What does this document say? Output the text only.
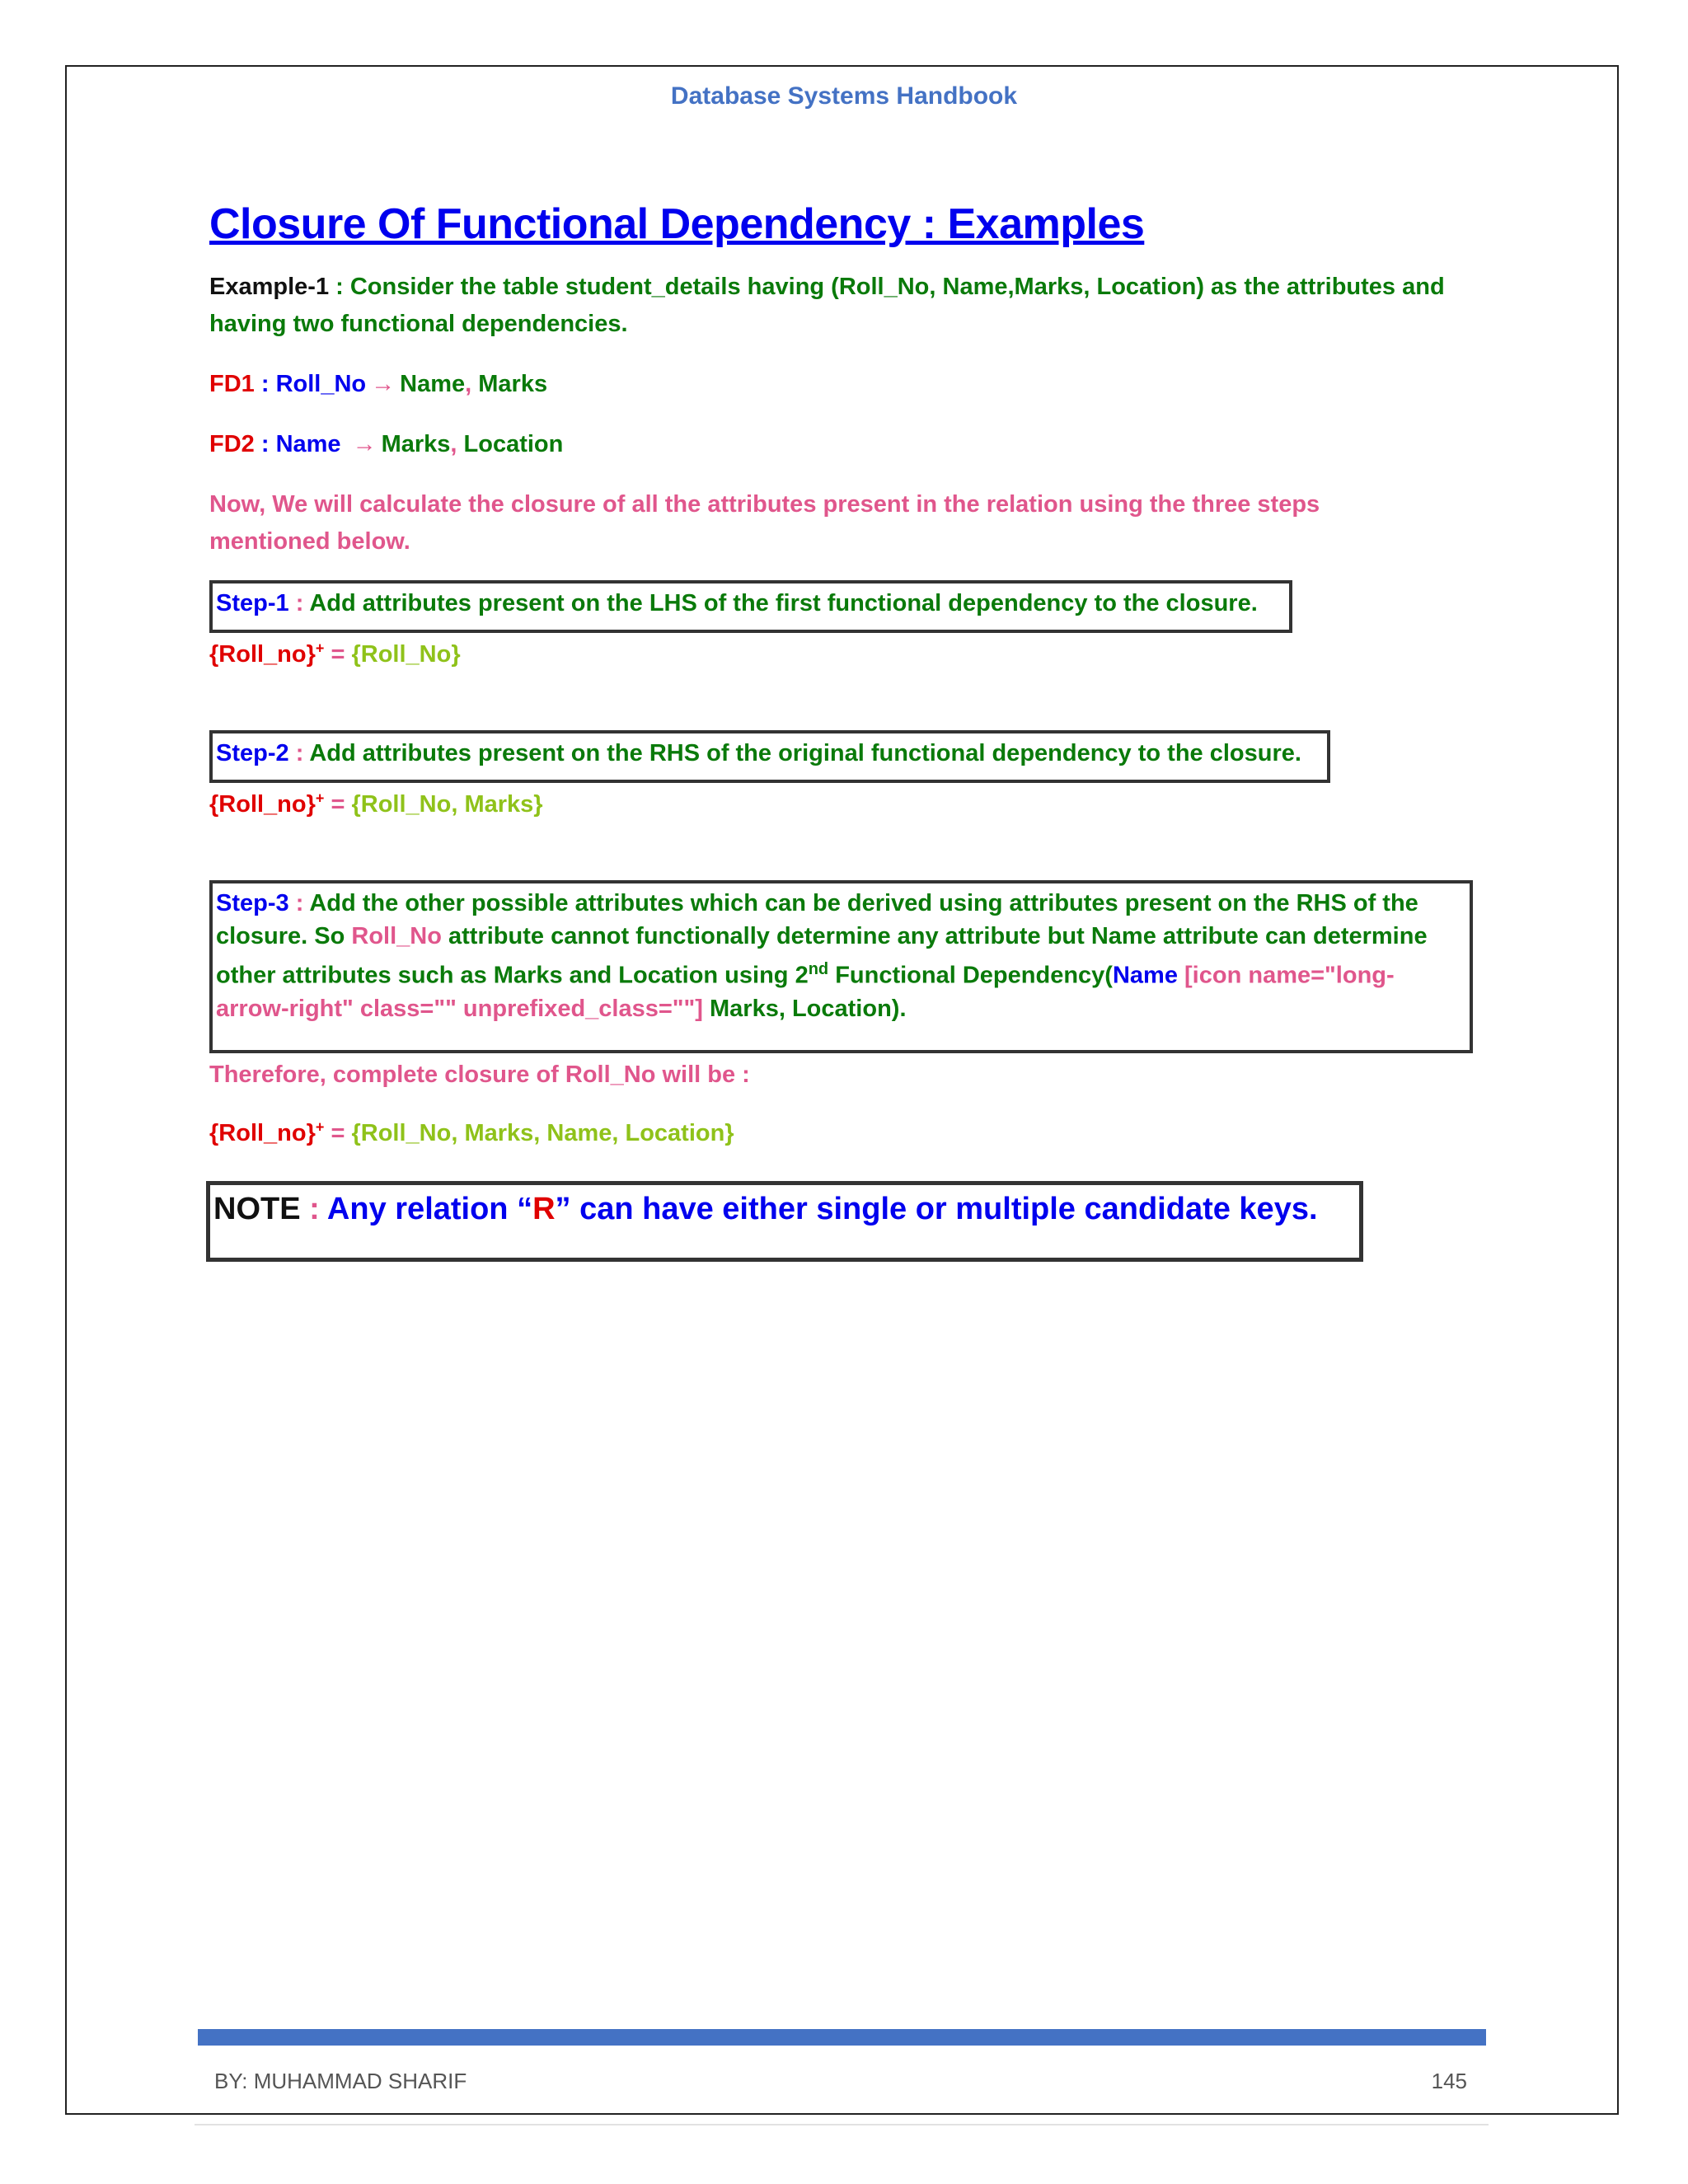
Database Systems Handbook
Closure Of Functional Dependency : Examples

Example-1 : Consider the table student_details having (Roll_No, Name,Marks, Location) as the attributes and
having two functional dependencies.

FD1 : Roll_No → Name, Marks

FD2 : Name → Marks, Location

Now, We will calculate the closure of all the attributes present in the relation using the three steps
mentioned below.

Step-1 : Add attributes present on the LHS of the first functional dependency to the closure.

{Roll_no}+ = {Roll_No}

Step-2 : Add attributes present on the RHS of the original functional dependency to the closure.

{Roll_no}+ = {Roll_No, Marks}

Step-3 : Add the other possible attributes which can be derived using attributes present on the RHS of the
closure. So Roll_No attribute cannot functionally determine any attribute but Name attribute can determine
other attributes such as Marks and Location using 2nd Functional Dependency(Name [icon name="long-
arrow-right" class="" unprefixed_class=""] Marks, Location).

Therefore, complete closure of Roll_No will be :

{Roll_no}+ = {Roll_No, Marks, Name, Location}

NOTE : Any relation “R” can have either single or multiple candidate keys.
BY: MUHAMMAD SHARIF	145
